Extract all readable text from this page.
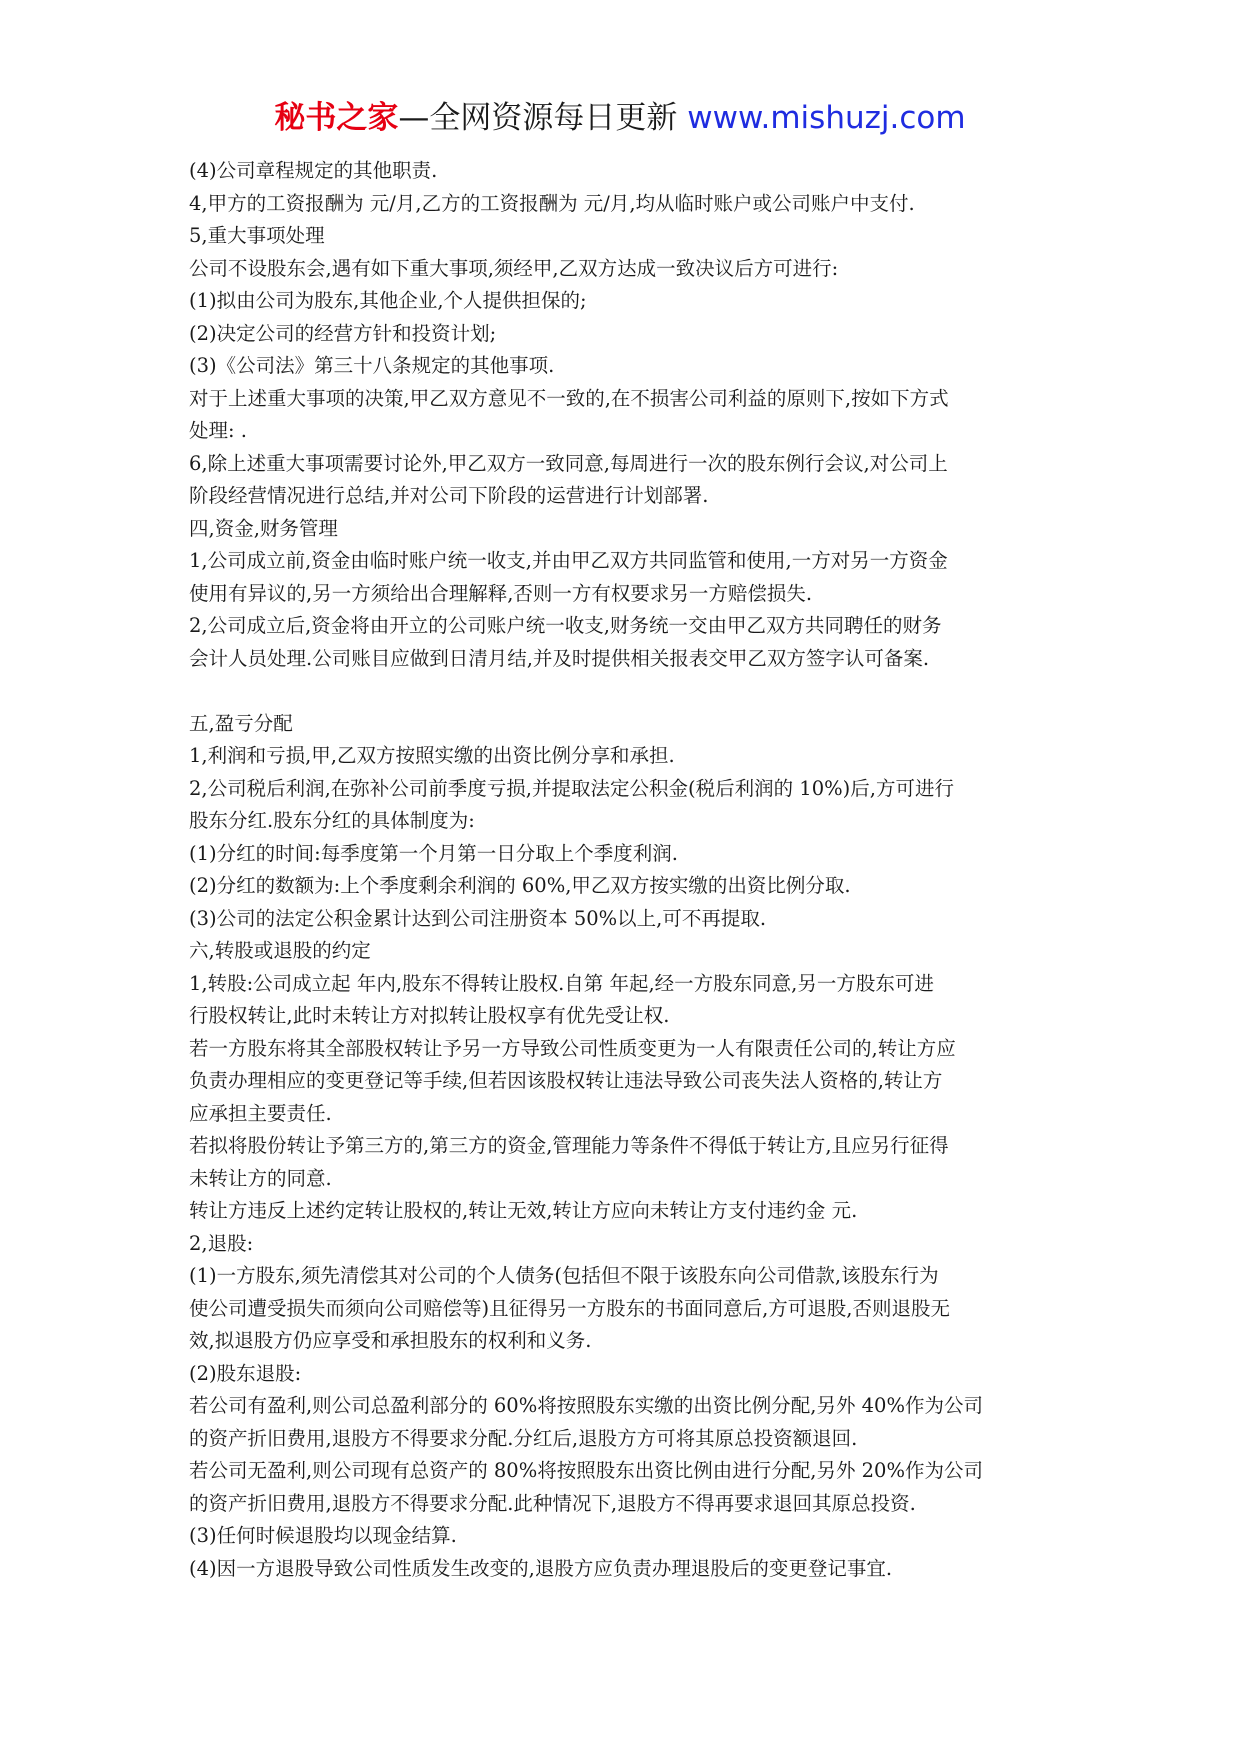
秘书之家—全网资源每日更新 www.mishuzj.com

(4)公司章程规定的其他职责.

4,甲方的工资报酬为 元/月,乙方的工资报酬为 元/月,均从临时账户或公司账户中支付.

5,重大事项处理

公司不设股东会,遇有如下重大事项,须经甲,乙双方达成一致决议后方可进行:

(1)拟由公司为股东,其他企业,个人提供担保的;

(2)决定公司的经营方针和投资计划;

(3)《公司法》第三十八条规定的其他事项.

对于上述重大事项的决策,甲乙双方意见不一致的,在不损害公司利益的原则下,按如下方式

处理: .

6,除上述重大事项需要讨论外,甲乙双方一致同意,每周进行一次的股东例行会议,对公司上

阶段经营情况进行总结,并对公司下阶段的运营进行计划部署.

四,资金,财务管理

1,公司成立前,资金由临时账户统一收支,并由甲乙双方共同监管和使用,一方对另一方资金

使用有异议的,另一方须给出合理解释,否则一方有权要求另一方赔偿损失.

2,公司成立后,资金将由开立的公司账户统一收支,财务统一交由甲乙双方共同聘任的财务

会计人员处理.公司账目应做到日清月结,并及时提供相关报表交甲乙双方签字认可备案.

五,盈亏分配

1,利润和亏损,甲,乙双方按照实缴的出资比例分享和承担.

2,公司税后利润,在弥补公司前季度亏损,并提取法定公积金(税后利润的 10%)后,方可进行

股东分红.股东分红的具体制度为:

(1)分红的时间:每季度第一个月第一日分取上个季度利润.

(2)分红的数额为:上个季度剩余利润的 60%,甲乙双方按实缴的出资比例分取.

(3)公司的法定公积金累计达到公司注册资本 50%以上,可不再提取.

六,转股或退股的约定

1,转股:公司成立起 年内,股东不得转让股权.自第 年起,经一方股东同意,另一方股东可进

行股权转让,此时未转让方对拟转让股权享有优先受让权.

若一方股东将其全部股权转让予另一方导致公司性质变更为一人有限责任公司的,转让方应

负责办理相应的变更登记等手续,但若因该股权转让违法导致公司丧失法人资格的,转让方

应承担主要责任.

若拟将股份转让予第三方的,第三方的资金,管理能力等条件不得低于转让方,且应另行征得

未转让方的同意.

转让方违反上述约定转让股权的,转让无效,转让方应向未转让方支付违约金 元.

2,退股:

(1)一方股东,须先清偿其对公司的个人债务(包括但不限于该股东向公司借款,该股东行为

使公司遭受损失而须向公司赔偿等)且征得另一方股东的书面同意后,方可退股,否则退股无

效,拟退股方仍应享受和承担股东的权利和义务.

(2)股东退股:

若公司有盈利,则公司总盈利部分的 60%将按照股东实缴的出资比例分配,另外 40%作为公司

的资产折旧费用,退股方不得要求分配.分红后,退股方方可将其原总投资额退回.

若公司无盈利,则公司现有总资产的 80%将按照股东出资比例由进行分配,另外 20%作为公司

的资产折旧费用,退股方不得要求分配.此种情况下,退股方不得再要求退回其原总投资.

(3)任何时候退股均以现金结算.

(4)因一方退股导致公司性质发生改变的,退股方应负责办理退股后的变更登记事宜.
